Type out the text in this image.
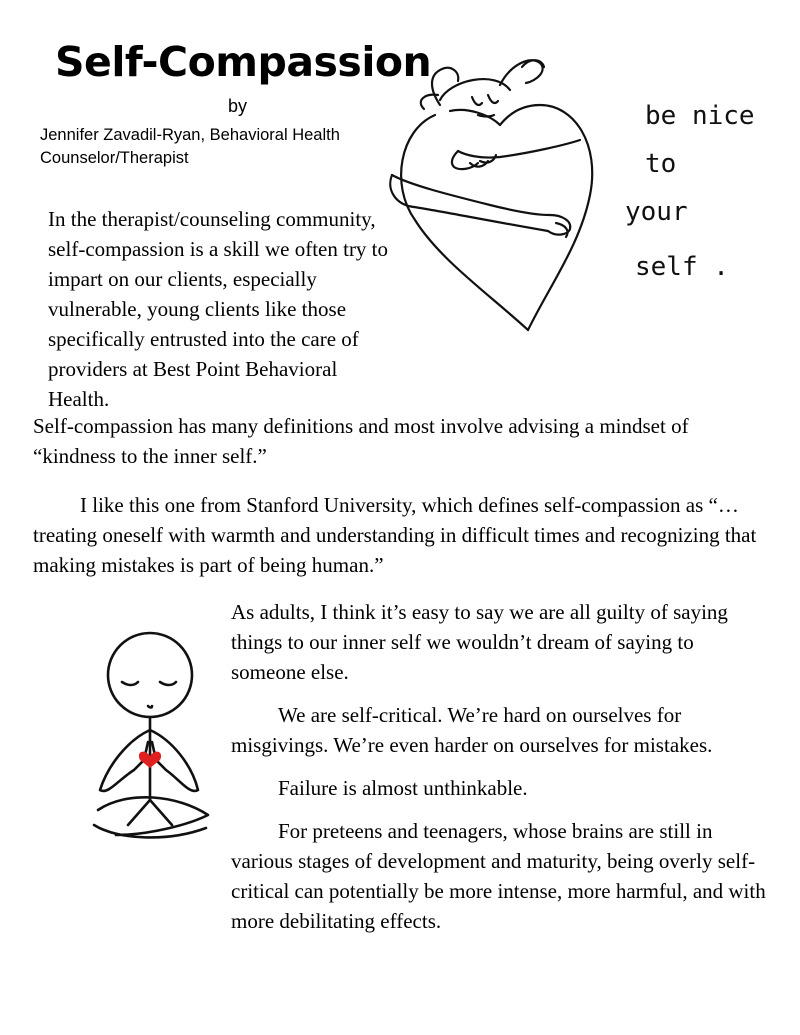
Self-Compassion
by
Jennifer Zavadil-Ryan, Behavioral Health Counselor/Therapist
be nice
to
your
self .
In the therapist/counseling community, self-compassion is a skill we often try to impart on our clients, especially vulnerable, young clients like those specifically entrusted into the care of providers at Best Point Behavioral Health.
Self-compassion has many definitions and most involve advising a mindset of “kindness to the inner self.”
I like this one from Stanford University, which defines self-compassion as “…treating oneself with warmth and understanding in difficult times and recognizing that making mistakes is part of being human.”

As adults, I think it’s easy to say we are all guilty of saying things to our inner self we wouldn’t dream of saying to someone else.

We are self-critical. We’re hard on ourselves for misgivings. We’re even harder on ourselves for mistakes.

Failure is almost unthinkable.

For preteens and teenagers, whose brains are still in various stages of development and maturity, being overly self-critical can potentially be more intense, more harmful, and with more debilitating effects.
